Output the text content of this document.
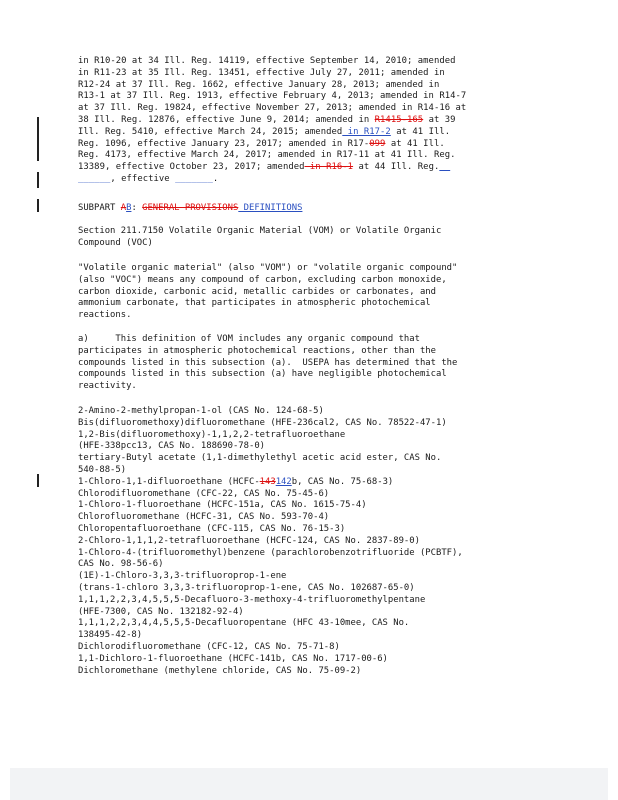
in R10-20 at 34 Ill. Reg. 14119, effective September 14, 2010; amended
in R11-23 at 35 Ill. Reg. 13451, effective July 27, 2011; amended in
R12-24 at 37 Ill. Reg. 1662, effective January 28, 2013; amended in
R13-1 at 37 Ill. Reg. 1913, effective February 4, 2013; amended in R14-7
at 37 Ill. Reg. 19824, effective November 27, 2013; amended in R14-16 at
38 Ill. Reg. 12876, effective June 9, 2014; amended in R1415-165 at 39
Ill. Reg. 5410, effective March 24, 2015; amended in R17-2 at 41 Ill.
Reg. 1096, effective January 23, 2017; amended in R17-099 at 41 Ill.
Reg. 4173, effective March 24, 2017; amended in R17-11 at 41 Ill. Reg.
13389, effective October 23, 2017; amended in R16-1 at 44 Ill. Reg.__
______, effective _______.
SUBPART AB: GENERAL PROVISIONS DEFINITIONS
Section 211.7150 Volatile Organic Material (VOM) or Volatile Organic
Compound (VOC)
"Volatile organic material" (also "VOM") or "volatile organic compound"
(also "VOC") means any compound of carbon, excluding carbon monoxide,
carbon dioxide, carbonic acid, metallic carbides or carbonates, and
ammonium carbonate, that participates in atmospheric photochemical
reactions.
a)     This definition of VOM includes any organic compound that
participates in atmospheric photochemical reactions, other than the
compounds listed in this subsection (a).  USEPA has determined that the
compounds listed in this subsection (a) have negligible photochemical
reactivity.
2-Amino-2-methylpropan-1-ol (CAS No. 124-68-5)
Bis(difluoromethoxy)difluoromethane (HFE-236cal2, CAS No. 78522-47-1)
1,2-Bis(difluoromethoxy)-1,1,2,2-tetrafluoroethane
(HFE-338pcc13, CAS No. 188690-78-0)
tertiary-Butyl acetate (1,1-dimethylethyl acetic acid ester, CAS No.
540-88-5)
1-Chloro-1,1-difluoroethane (HCFC-143142b, CAS No. 75-68-3)
Chlorodifluoromethane (CFC-22, CAS No. 75-45-6)
1-Chloro-1-fluoroethane (HCFC-151a, CAS No. 1615-75-4)
Chlorofluoromethane (HCFC-31, CAS No. 593-70-4)
Chloropentafluoroethane (CFC-115, CAS No. 76-15-3)
2-Chloro-1,1,1,2-tetrafluoroethane (HCFC-124, CAS No. 2837-89-0)
1-Chloro-4-(trifluoromethyl)benzene (parachlorobenzotrifluoride (PCBTF),
CAS No. 98-56-6)
(1E)-1-Chloro-3,3,3-trifluoroprop-1-ene
(trans-1-chloro 3,3,3-trifluoroprop-1-ene, CAS No. 102687-65-0)
1,1,1,2,2,3,4,5,5,5-Decafluoro-3-methoxy-4-trifluoromethylpentane
(HFE-7300, CAS No. 132182-92-4)
1,1,1,2,2,3,4,4,5,5,5-Decafluoropentane (HFC 43-10mee, CAS No.
138495-42-8)
Dichlorodifluoromethane (CFC-12, CAS No. 75-71-8)
1,1-Dichloro-1-fluoroethane (HCFC-141b, CAS No. 1717-00-6)
Dichloromethane (methylene chloride, CAS No. 75-09-2)
